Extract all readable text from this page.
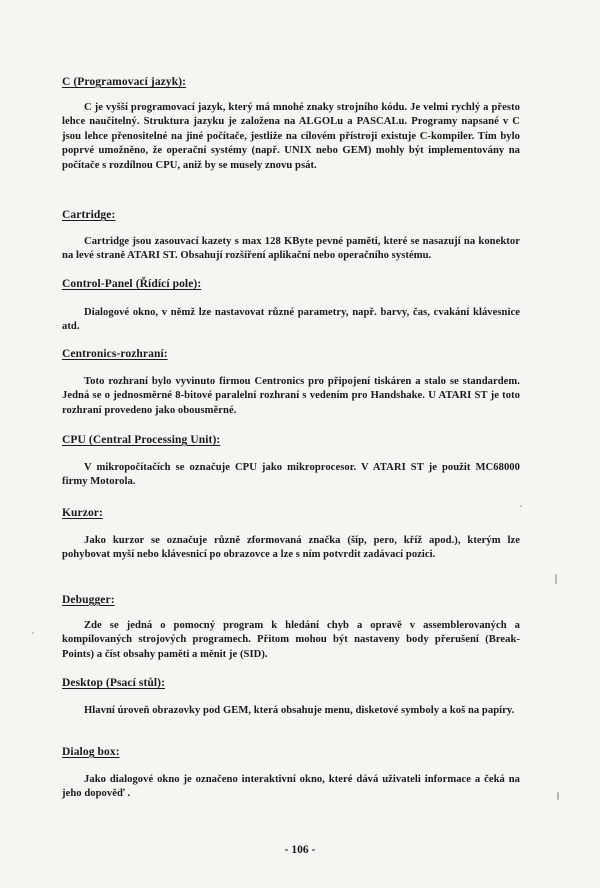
C (Programovací jazyk):

C je vyšší programovací jazyk, který má mnohé znaky strojního kódu. Je velmi rychlý a přesto lehce naučitelný. Struktura jazyku je založena na ALGOLu a PASCALu. Programy napsané v C jsou lehce přenositelné na jiné počítače, jestliže na cílovém přístroji existuje C-kompiler. Tím bylo poprvé umožněno, že operační systémy (např. UNIX nebo GEM) mohly být implementovány na počítače s rozdílnou CPU, aniž by se musely znovu psát.

Cartridge:

Cartridge jsou zasouvací kazety s max 128 KByte pevné paměti, které se nasazují na konektor na levé straně ATARI ST. Obsahují rozšíření aplikační nebo operačního systému.

Control-Panel (Řídící pole):

Dialogové okno, v němž lze nastavovat různé parametry, např. barvy, čas, cvakání klávesnice atd.

Centronics-rozhraní:

Toto rozhraní bylo vyvinuto firmou Centronics pro připojení tiskáren a stalo se standardem. Jedná se o jednosměrné 8-bitové paralelní rozhraní s vedením pro Handshake. U ATARI ST je toto rozhraní provedeno jako obousměrné.

CPU (Central Processing Unit):

V mikropočítačích se označuje CPU jako mikroprocesor. V ATARI ST je použit MC68000 firmy Motorola.

Kurzor:

Jako kurzor se označuje různě zformovaná značka (šíp, pero, kříž apod.), kterým lze pohybovat myší nebo klávesnicí po obrazovce a lze s ním potvrdit zadávací pozici.

Debugger:

Zde se jedná o pomocný program k hledání chyb a opravě v assemblerovaných a kompilovaných strojových programech. Přitom mohou být nastaveny body přerušení (Break-Points) a číst obsahy paměti a měnit je (SID).

Desktop (Psací stůl):

Hlavní úroveň obrazovky pod GEM, která obsahuje menu, disketové symboly a koš na papíry.

Dialog box:

Jako dialogové okno je označeno interaktivní okno, které dává uživateli informace a čeká na jeho dopověď .

- 106 -
